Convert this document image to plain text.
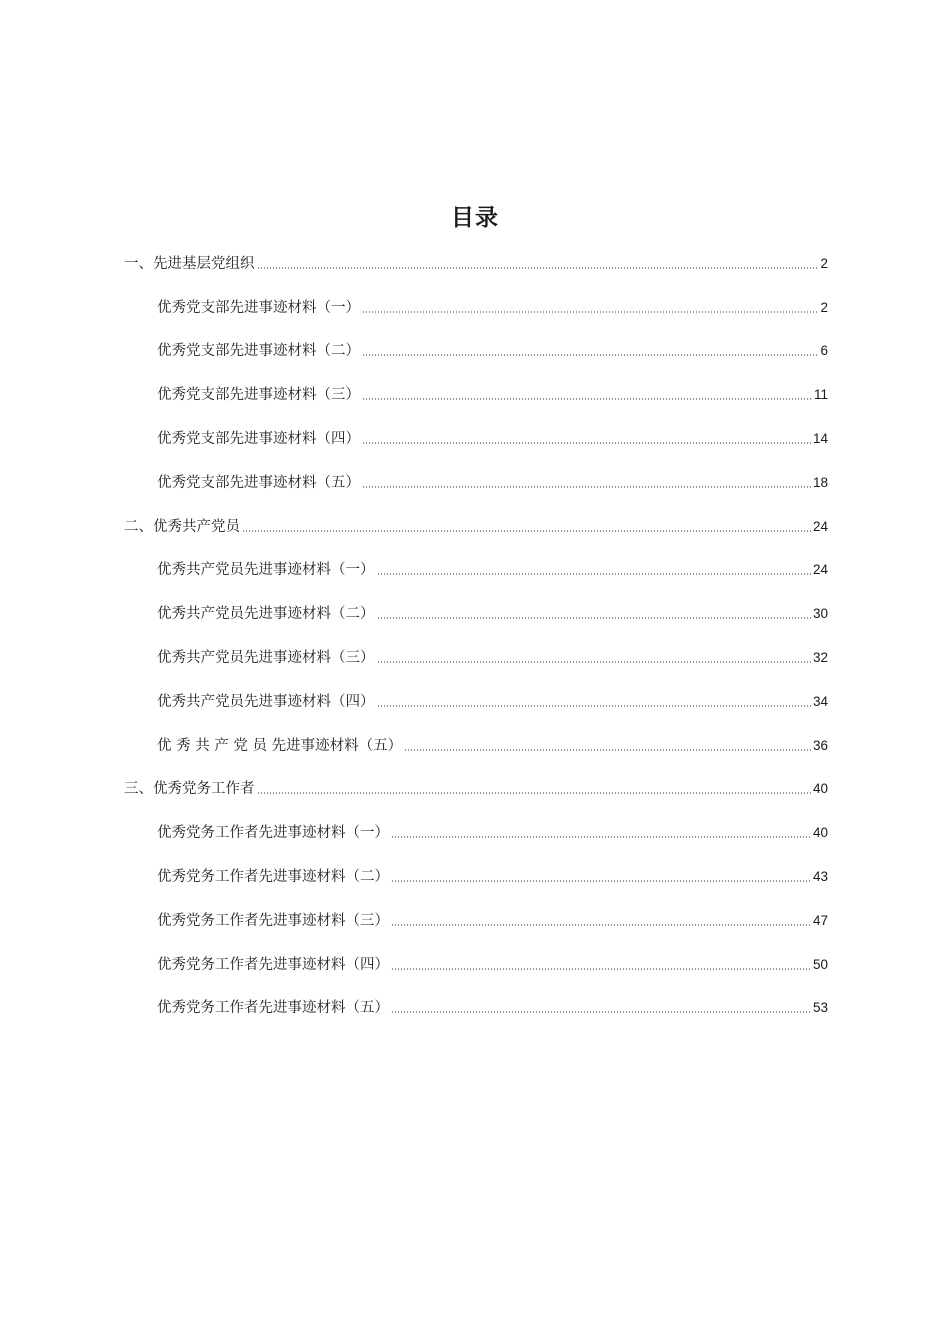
目录
一、先进基层党组织	2
优秀党支部先进事迹材料（一）	2
优秀党支部先进事迹材料（二）	6
优秀党支部先进事迹材料（三）	11
优秀党支部先进事迹材料（四）	14
优秀党支部先进事迹材料（五）	18
二、优秀共产党员	24
优秀共产党员先进事迹材料（一）	24
优秀共产党员先进事迹材料（二）	30
优秀共产党员先进事迹材料（三）	32
优秀共产党员先进事迹材料（四）	34
优 秀 共 产 党 员 先进事迹材料（五）	36
三、优秀党务工作者	40
优秀党务工作者先进事迹材料（一）	40
优秀党务工作者先进事迹材料（二）	43
优秀党务工作者先进事迹材料（三）	47
优秀党务工作者先进事迹材料（四）	50
优秀党务工作者先进事迹材料（五）	53
